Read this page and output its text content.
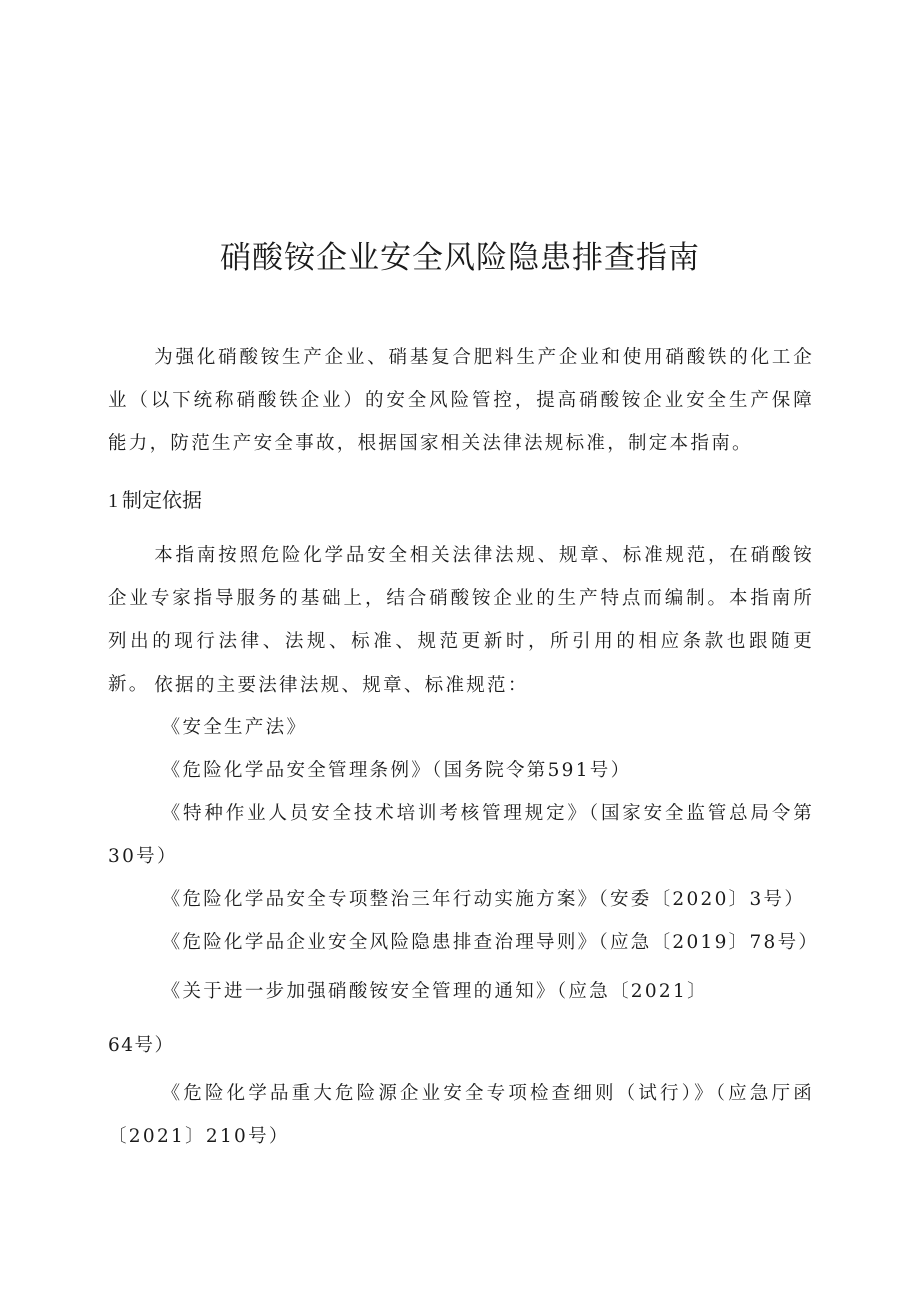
硝酸铵企业安全风险隐患排查指南

为强化硝酸铵生产企业、硝基复合肥料生产企业和使用硝酸铁的化工企业（以下统称硝酸铁企业）的安全风险管控，提高硝酸铵企业安全生产保障能力，防范生产安全事故，根据国家相关法律法规标准，制定本指南。

1 制定依据

本指南按照危险化学品安全相关法律法规、规章、标准规范，在硝酸铵企业专家指导服务的基础上，结合硝酸铵企业的生产特点而编制。本指南所列出的现行法律、法规、标准、规范更新时，所引用的相应条款也跟随更新。 依据的主要法律法规、规章、标准规范：

《安全生产法》

《危险化学品安全管理条例》（国务院令第591号）

《特种作业人员安全技术培训考核管理规定》（国家安全监管总局令第30号）

《危险化学品安全专项整治三年行动实施方案》（安委〔2020〕3号）

《危险化学品企业安全风险隐患排查治理导则》（应急〔2019〕78号）

《关于进一步加强硝酸铵安全管理的通知》（应急〔2021〕

64号）

《危险化学品重大危险源企业安全专项检查细则（试行）》（应急厅函〔2021〕210号）
